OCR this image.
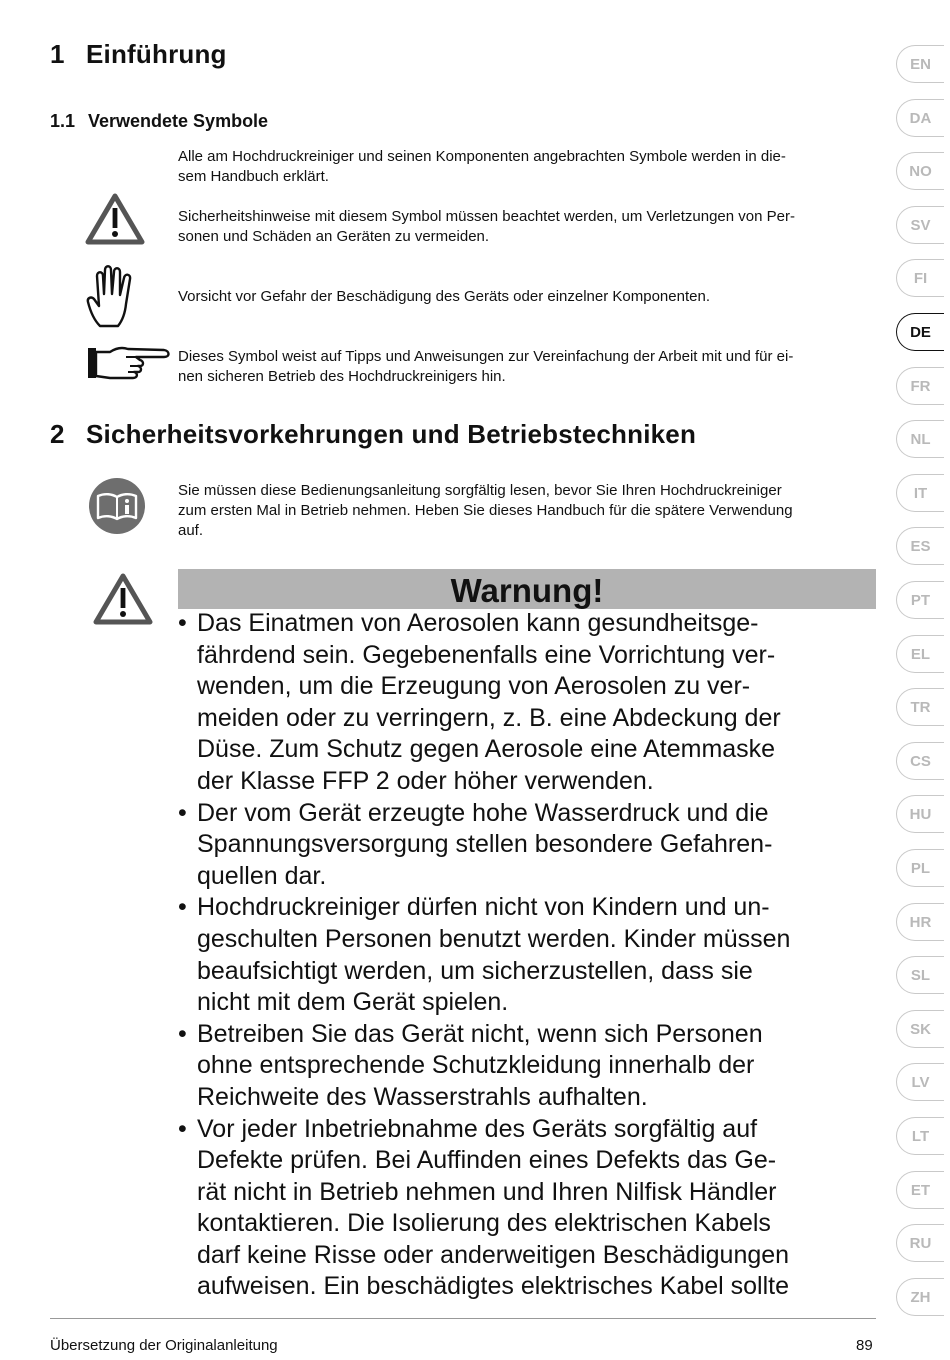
1 Einführung
1.1 Verwendete Symbole
Alle am Hochdruckreiniger und seinen Komponenten angebrachten Symbole werden in die-
sem Handbuch erklärt.
Sicherheitshinweise mit diesem Symbol müssen beachtet werden, um Verletzungen von Per-
sonen und Schäden an Geräten zu vermeiden.
Vorsicht vor Gefahr der Beschädigung des Geräts oder einzelner Komponenten.
Dieses Symbol weist auf Tipps und Anweisungen zur Vereinfachung der Arbeit mit und für ei-
nen sicheren Betrieb des Hochdruckreinigers hin.
2 Sicherheitsvorkehrungen und Betriebstechniken
Sie müssen diese Bedienungsanleitung sorgfältig lesen, bevor Sie Ihren Hochdruckreiniger
zum ersten Mal in Betrieb nehmen. Heben Sie dieses Handbuch für die spätere Verwendung
auf.
Warnung!
• Das Einatmen von Aerosolen kann gesundheitsge-
fährdend sein. Gegebenenfalls eine Vorrichtung ver-
wenden, um die Erzeugung von Aerosolen zu ver-
meiden oder zu verringern, z. B. eine Abdeckung der
Düse. Zum Schutz gegen Aerosole eine Atemmaske
der Klasse FFP 2 oder höher verwenden.
• Der vom Gerät erzeugte hohe Wasserdruck und die
Spannungsversorgung stellen besondere Gefahren-
quellen dar.
• Hochdruckreiniger dürfen nicht von Kindern und un-
geschulten Personen benutzt werden. Kinder müssen
beaufsichtigt werden, um sicherzustellen, dass sie
nicht mit dem Gerät spielen.
• Betreiben Sie das Gerät nicht, wenn sich Personen
ohne entsprechende Schutzkleidung innerhalb der
Reichweite des Wasserstrahls aufhalten.
• Vor jeder Inbetriebnahme des Geräts sorgfältig auf
Defekte prüfen. Bei Auffinden eines Defekts das Ge-
rät nicht in Betrieb nehmen und Ihren Nilfisk Händler
kontaktieren. Die Isolierung des elektrischen Kabels
darf keine Risse oder anderweitigen Beschädigungen
aufweisen. Ein beschädigtes elektrisches Kabel sollte
Übersetzung der Originalanleitung	89
EN
DA
NO
SV
FI
DE
FR
NL
IT
ES
PT
EL
TR
CS
HU
PL
HR
SL
SK
LV
LT
ET
RU
ZH
